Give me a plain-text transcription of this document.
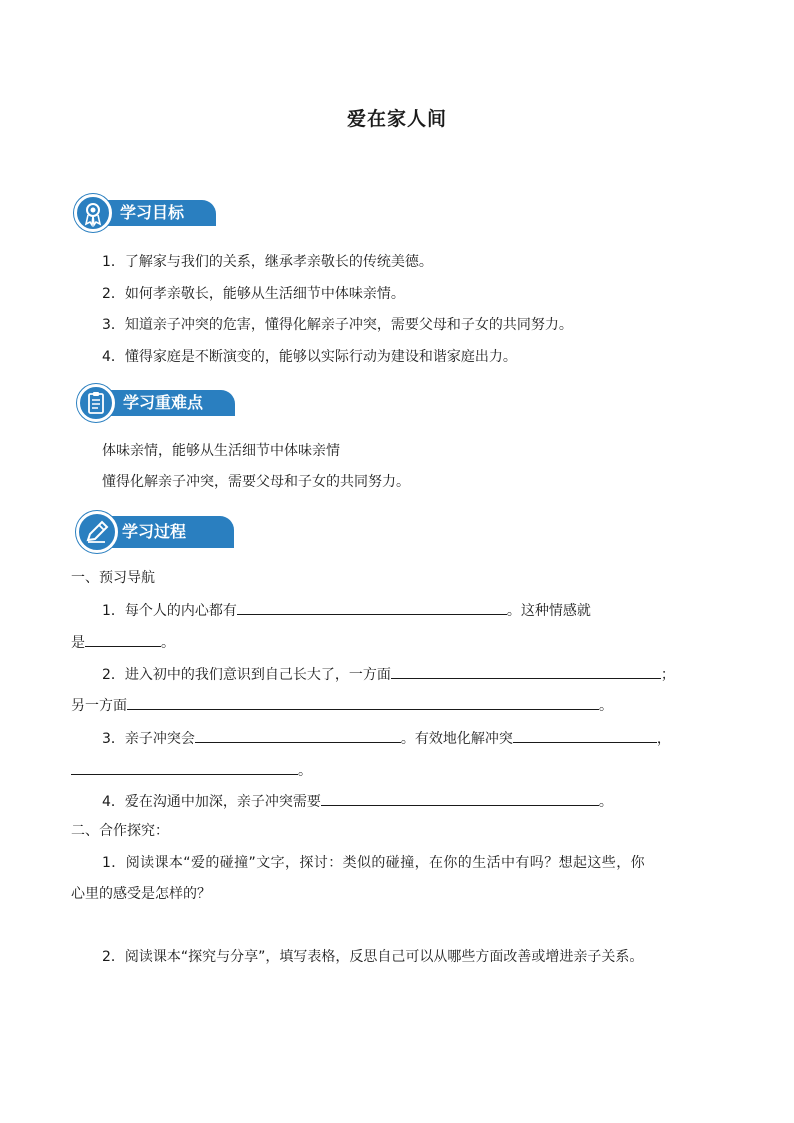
爱在家人间
学习目标
1．了解家与我们的关系，继承孝亲敬长的传统美德。
2．如何孝亲敬长，能够从生活细节中体味亲情。
3．知道亲子冲突的危害，懂得化解亲子冲突，需要父母和子女的共同努力。
4．懂得家庭是不断演变的，能够以实际行动为建设和谐家庭出力。
学习重难点
体味亲情，能够从生活细节中体味亲情
懂得化解亲子冲突，需要父母和子女的共同努力。
学习过程
一、预习导航
1．每个人的内心都有	。这种情感就
是	。
2．进入初中的我们意识到自己长大了，一方面	；
另一方面	。
3．亲子冲突会	。有效地化解冲突	，
。
4．爱在沟通中加深，亲子冲突需要	。
二、合作探究：
1．阅读课本“爱的碰撞”文字，探讨：类似的碰撞，在你的生活中有吗？想起这些，你
心里的感受是怎样的？
2．阅读课本“探究与分享”，填写表格，反思自己可以从哪些方面改善或增进亲子关系。
